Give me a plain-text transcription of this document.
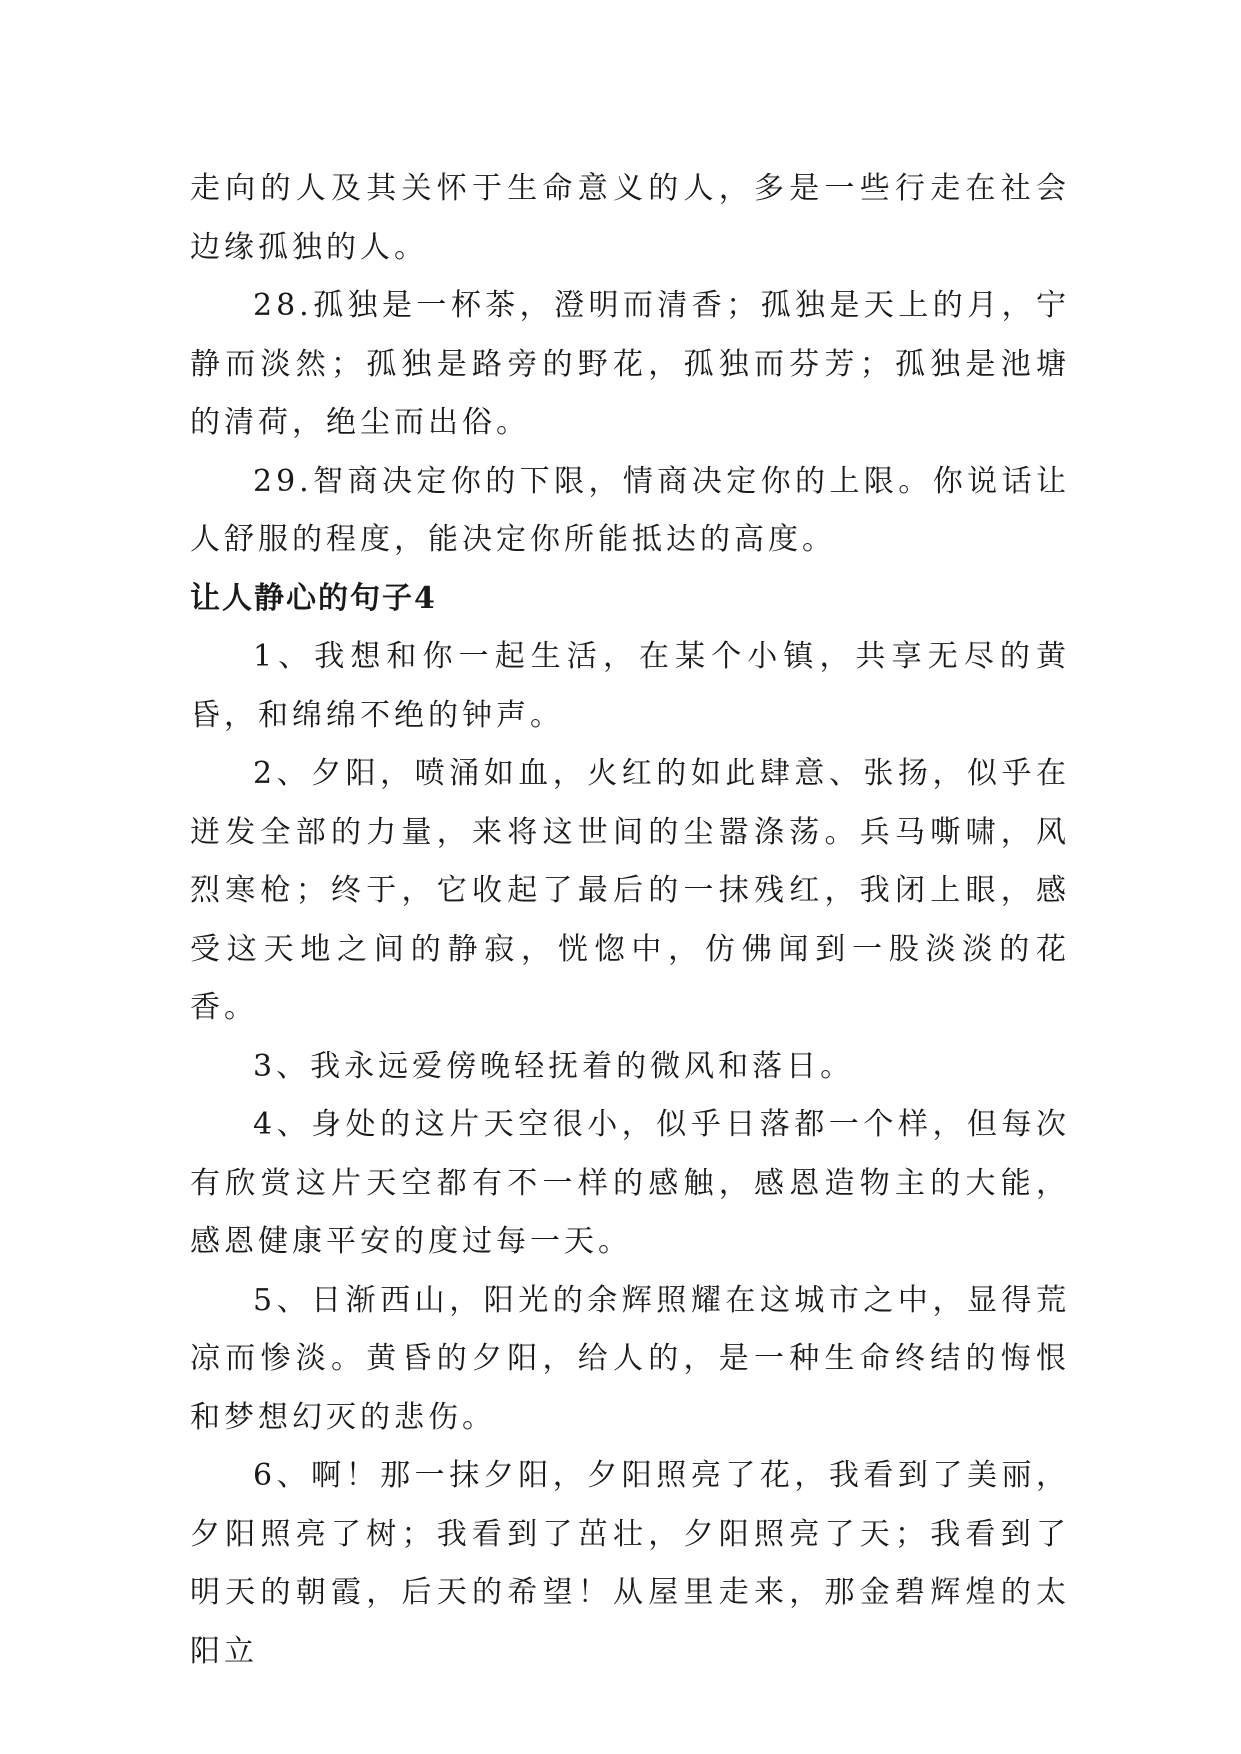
走向的人及其关怀于生命意义的人，多是一些行走在社会边缘孤独的人。

28.孤独是一杯茶，澄明而清香；孤独是天上的月，宁静而淡然；孤独是路旁的野花，孤独而芬芳；孤独是池塘的清荷，绝尘而出俗。

29.智商决定你的下限，情商决定你的上限。你说话让人舒服的程度，能决定你所能抵达的高度。

让人静心的句子4

1、我想和你一起生活，在某个小镇，共享无尽的黄昏，和绵绵不绝的钟声。

2、夕阳，喷涌如血，火红的如此肆意、张扬，似乎在迸发全部的力量，来将这世间的尘嚣涤荡。兵马嘶啸，风烈寒枪；终于，它收起了最后的一抹残红，我闭上眼，感受这天地之间的静寂，恍惚中，仿佛闻到一股淡淡的花香。

3、我永远爱傍晚轻抚着的微风和落日。

4、身处的这片天空很小，似乎日落都一个样，但每次有欣赏这片天空都有不一样的感触，感恩造物主的大能，感恩健康平安的度过每一天。

5、日渐西山，阳光的余辉照耀在这城市之中，显得荒凉而惨淡。黄昏的夕阳，给人的，是一种生命终结的悔恨和梦想幻灭的悲伤。

6、啊！那一抹夕阳，夕阳照亮了花，我看到了美丽，夕阳照亮了树；我看到了茁壮，夕阳照亮了天；我看到了明天的朝霞，后天的希望！从屋里走来，那金碧辉煌的太阳立
